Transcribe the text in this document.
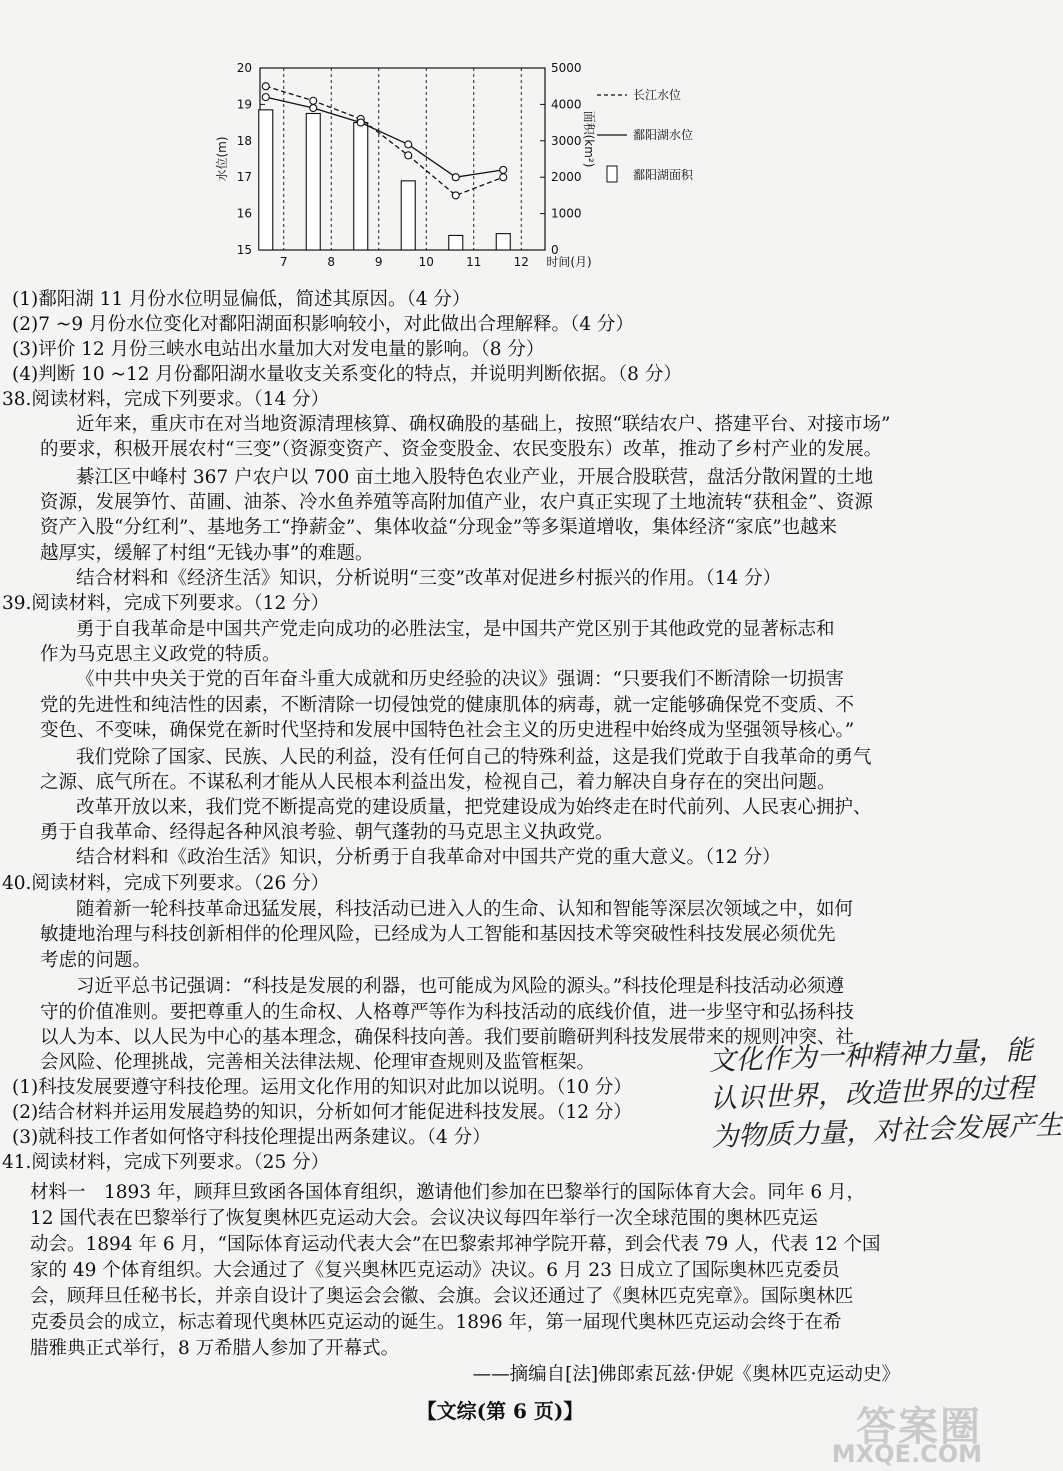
15
16
17
18
19
20
0
1000
2000
3000
4000
5000
7	8	9	10	11	12 时间(月)
水位(m)	面积(km²)
长江水位
鄱阳湖水位
鄱阳湖面积
(1)鄱阳湖 11 月份水位明显偏低，简述其原因。（4 分）
(2)7 ~9 月份水位变化对鄱阳湖面积影响较小，对此做出合理解释。（4 分）
(3)评价 12 月份三峡水电站出水量加大对发电量的影响。（8 分）
(4)判断 10 ~12 月份鄱阳湖水量收支关系变化的特点，并说明判断依据。（8 分）
38.阅读材料，完成下列要求。（14 分）
近年来，重庆市在对当地资源清理核算、确权确股的基础上，按照“联结农户、搭建平台、对接市场”
的要求，积极开展农村“三变”（资源变资产、资金变股金、农民变股东）改革，推动了乡村产业的发展。
綦江区中峰村 367 户农户以 700 亩土地入股特色农业产业，开展合股联营，盘活分散闲置的土地
资源，发展笋竹、苗圃、油茶、冷水鱼养殖等高附加值产业，农户真正实现了土地流转“获租金”、资源
资产入股“分红利”、基地务工“挣薪金”、集体收益“分现金”等多渠道增收，集体经济“家底”也越来
越厚实，缓解了村组“无钱办事”的难题。
结合材料和《经济生活》知识，分析说明“三变”改革对促进乡村振兴的作用。（14 分）
39.阅读材料，完成下列要求。（12 分）
勇于自我革命是中国共产党走向成功的必胜法宝，是中国共产党区别于其他政党的显著标志和
作为马克思主义政党的特质。
《中共中央关于党的百年奋斗重大成就和历史经验的决议》强调：“只要我们不断清除一切损害
党的先进性和纯洁性的因素，不断清除一切侵蚀党的健康肌体的病毒，就一定能够确保党不变质、不
变色、不变味，确保党在新时代坚持和发展中国特色社会主义的历史进程中始终成为坚强领导核心。”
我们党除了国家、民族、人民的利益，没有任何自己的特殊利益，这是我们党敢于自我革命的勇气
之源、底气所在。不谋私利才能从人民根本利益出发，检视自己，着力解决自身存在的突出问题。
改革开放以来，我们党不断提高党的建设质量，把党建设成为始终走在时代前列、人民衷心拥护、
勇于自我革命、经得起各种风浪考验、朝气蓬勃的马克思主义执政党。
结合材料和《政治生活》知识，分析勇于自我革命对中国共产党的重大意义。（12 分）
40.阅读材料，完成下列要求。（26 分）
随着新一轮科技革命迅猛发展，科技活动已进入人的生命、认知和智能等深层次领域之中，如何
敏捷地治理与科技创新相伴的伦理风险，已经成为人工智能和基因技术等突破性科技发展必须优先
考虑的问题。
习近平总书记强调：“科技是发展的利器，也可能成为风险的源头。”科技伦理是科技活动必须遵
守的价值准则。要把尊重人的生命权、人格尊严等作为科技活动的底线价值，进一步坚守和弘扬科技
以人为本、以人民为中心的基本理念，确保科技向善。我们要前瞻研判科技发展带来的规则冲突、社
会风险、伦理挑战，完善相关法律法规、伦理审查规则及监管框架。
(1)科技发展要遵守科技伦理。运用文化作用的知识对此加以说明。（10 分）
(2)结合材料并运用发展趋势的知识，分析如何才能促进科技发展。（12 分）
(3)就科技工作者如何恪守科技伦理提出两条建议。（4 分）
文化作为一种精神力量，能
认识世界，改造世界的过程
为物质力量，对社会发展产生
41.阅读材料，完成下列要求。（25 分）
材料一　1893 年，顾拜旦致函各国体育组织，邀请他们参加在巴黎举行的国际体育大会。同年 6 月，
12 国代表在巴黎举行了恢复奥林匹克运动大会。会议决议每四年举行一次全球范围的奥林匹克运
动会。1894 年 6 月，“国际体育运动代表大会”在巴黎索邦神学院开幕，到会代表 79 人，代表 12 个国
家的 49 个体育组织。大会通过了《复兴奥林匹克运动》决议。6 月 23 日成立了国际奥林匹克委员
会，顾拜旦任秘书长，并亲自设计了奥运会会徽、会旗。会议还通过了《奥林匹克宪章》。国际奥林匹
克委员会的成立，标志着现代奥林匹克运动的诞生。1896 年，第一届现代奥林匹克运动会终于在希
腊雅典正式举行，8 万希腊人参加了开幕式。
——摘编自[法]佛郎索瓦兹·伊妮《奥林匹克运动史》
【文综(第 6 页)】	答案圈
MXQE.COM
